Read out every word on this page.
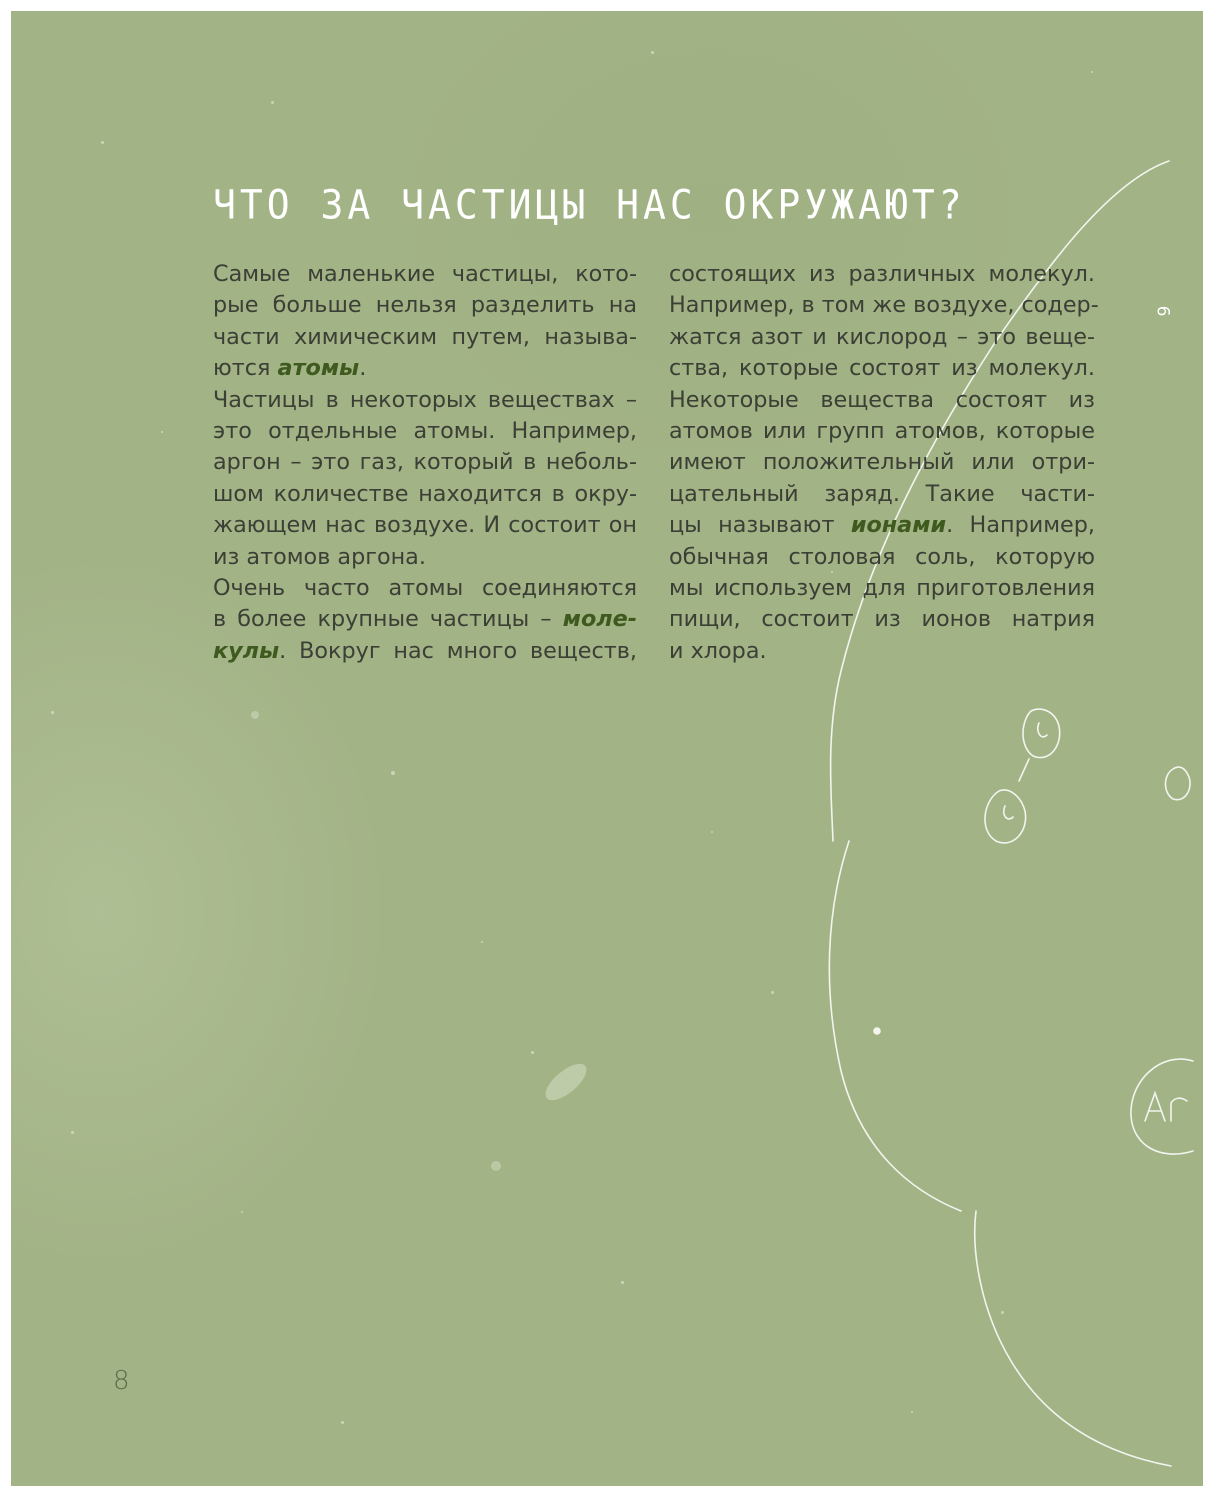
ЧТО ЗА ЧАСТИЦЫ НАС ОКРУЖАЮТ?
Самые маленькие частицы, кото-
рые больше нельзя разделить на
части химическим путем, называ-
ются атомы.
Частицы в некоторых веществах –
это отдельные атомы. Например,
аргон – это газ, который в неболь-
шом количестве находится в окру-
жающем нас воздухе. И состоит он
из атомов аргона.
Очень часто атомы соединяются
в более крупные частицы – моле-
кулы. Вокруг нас много веществ,
состоящих из различных молекул.
Например, в том же воздухе, содер-
жатся азот и кислород – это веще-
ства, которые состоят из молекул.
Некоторые вещества состоят из
атомов или групп атомов, которые
имеют положительный или отри-
цательный заряд. Такие части-
цы называют ионами. Например,
обычная столовая соль, которую
мы используем для приготовления
пищи, состоит из ионов натрия
и хлора.
6
8
